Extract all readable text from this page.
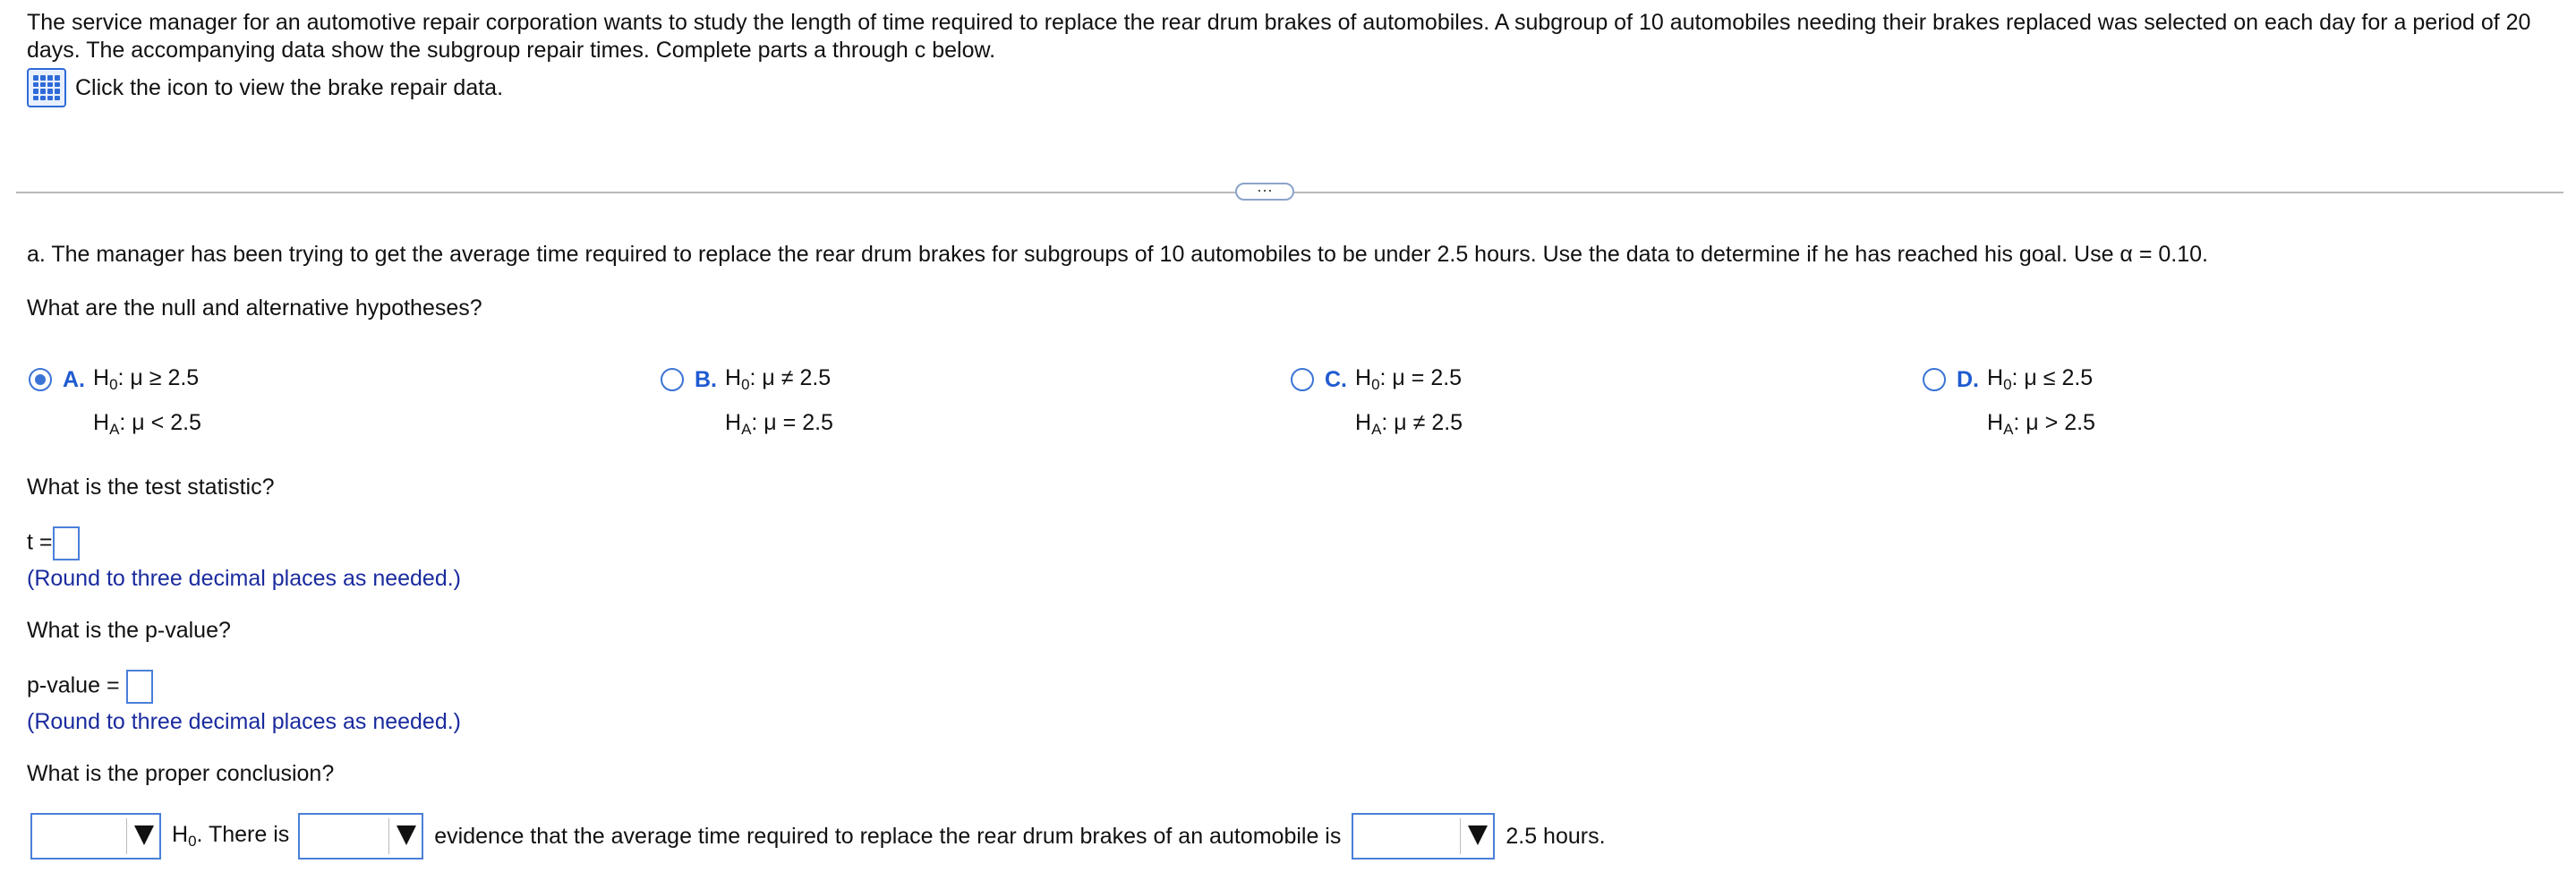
The service manager for an automotive repair corporation wants to study the length of time required to replace the rear drum brakes of automobiles. A subgroup of 10 automobiles needing their brakes replaced was selected on each day for a period of 20 days. The accompanying data show the subgroup repair times. Complete parts a through c below.
Click the icon to view the brake repair data.
···
a. The manager has been trying to get the average time required to replace the rear drum brakes for subgroups of 10 automobiles to be under 2.5 hours. Use the data to determine if he has reached his goal. Use α = 0.10.
What are the null and alternative hypotheses?
A. $H_0$: μ ≥ 2.5
$H_A$: μ < 2.5
B. $H_0$: μ ≠ 2.5
$H_A$: μ = 2.5
C. $H_0$: μ = 2.5
$H_A$: μ ≠ 2.5
D. $H_0$: μ ≤ 2.5
$H_A$: μ > 2.5
What is the test statistic?
t =
(Round to three decimal places as needed.)
What is the p-value?
p-value =
(Round to three decimal places as needed.)
What is the proper conclusion?
$H_0$. There is	evidence that the average time required to replace the rear drum brakes of an automobile is	2.5 hours.
